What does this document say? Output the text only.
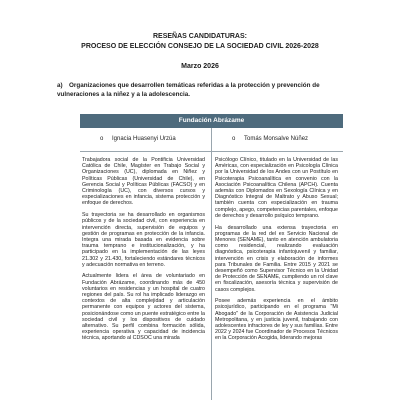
RESEÑAS CANDIDATURAS:
PROCESO DE ELECCIÓN CONSEJO DE LA SOCIEDAD CIVIL 2026-2028
Marzo 2026
a) Organizaciones que desarrollen temáticas referidas a la protección y prevención de vulneraciones a la niñez y a la adolescencia.
Fundación Abrázame
o Ignacia Huasenyi Urzúa	o Tomás Monsalve Núñez

Trabajadora social de la Pontificia Universidad Católica de Chile, Magíster en Trabajo Social y Organizaciones (UC), diplomada en Niñez y Políticas Públicas (Universidad de Chile), en Gerencia Social y Políticas Públicas (FACSO) y en Criminología (UC), con diversos cursos y especializaciones en infancia, sistema protección y enfoque de derechos.

Su trayectoria se ha desarrollado en organismos públicos y de la sociedad civil, con experiencia en intervención directa, supervisión de equipos y gestión de programas en protección de la infancia. Integra una mirada basada en evidencia sobre trauma temprano e institucionalización, y ha participado en la implementación de las leyes 21.302 y 21.430, fortaleciendo estándares técnicos y adecuación normativa en terreno.

Actualmente lidera el área de voluntariado en Fundación Abrázame, coordinando más de 450 voluntarios en residencias y un hospital de cuatro regiones del país. Su rol ha implicado liderazgo en contextos de alta complejidad y articulación permanente con equipos y actores del sistema, posicionándose como un puente estratégico entre la sociedad civil y los dispositivos de cuidado alternativo. Su perfil combina formación sólida, experiencia operativa y capacidad de incidencia técnica, aportando al CDSOC una mirada

Psicólogo Clínico, titulado en la Universidad de las Américas, con especialización en Psicología Clínica por la Universidad de los Andes con un Postítulo en Psicoterapia Psicoanalítica en convenio con la Asociación Psicoanalítica Chilena (APCH). Cuenta además con Diplomados en Sexología Clínica y en Diagnóstico Integral de Maltrato y Abuso Sexual; también cuenta con especialización en trauma complejo, apego, competencias parentales, enfoque de derechos y desarrollo psíquico temprano.

Ha desarrollado una extensa trayectoria en programas de la red del ex Servicio Nacional de Menores (SENAME), tanto en atención ambulatoria como residencial, realizando evaluación diagnóstica, psicoterapia infantojuvenil y familiar, intervención en crisis y elaboración de informes para Tribunales de Familia. Entre 2015 y 2021 se desempeñó como Supervisor Técnico en la Unidad de Protección de SENAME, cumpliendo un rol clave en fiscalización, asesoría técnica y supervisión de casos complejos.

Posee además experiencia en el ámbito psicojurídico, participando en el programa "Mi Abogado" de la Corporación de Asistencia Judicial Metropolitana, y en justicia juvenil, trabajando con adolescentes infractores de ley y sus familias. Entre 2022 y 2024 fue Coordinador de Procesos Técnicos en la Corporación Acogida, liderando mejoras
